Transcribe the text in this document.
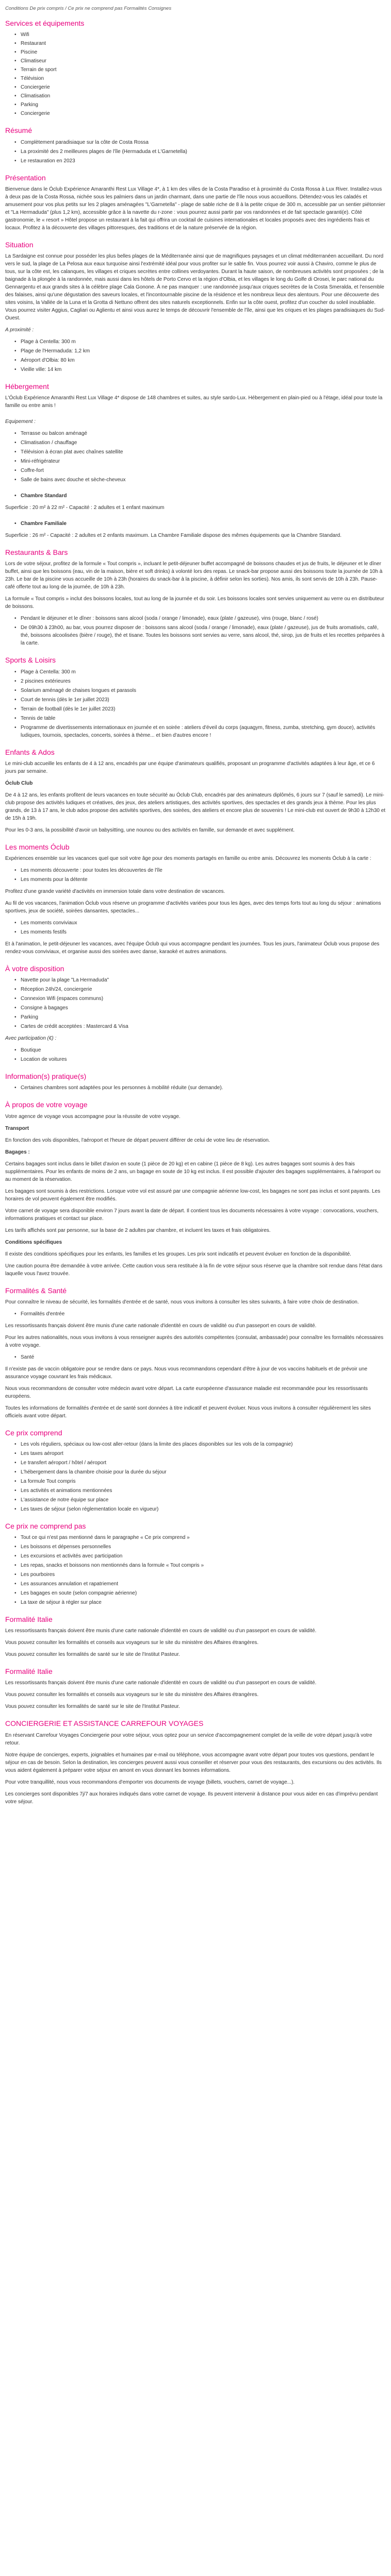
Conditions De prix compris / Ce prix ne comprend pas Formalités Consignes

Services et équipements
• Wifi
• Restaurant
• Piscine
• Climatiseur
• Terrain de sport
• Télévision
• Conciergerie
• Climatisation
• Parking
• Conciergerie
Résumé
• Complètement paradisiaque sur la côte de Costa Rossa
• La proximité des 2 meilleures plages de l'île (Hermaduda et L'Garnetella)
• Le restauration en 2023
Présentation

Bienvenue dans le Óclub Expérience Amaranthi Rest Lux Village 4*, à 1 km des villes de la Costa Paradiso et à proximité du Costa Rossa à Lux River. Installez-vous à deux pas de la Costa Rossa, nichée sous les palmiers dans un jardin charmant, dans une partie de l'île nous vous accueillons. Détendez-vous les caladés et amusement pour vos plus petits sur les 2 plages aménagées "L'Garnetella" - plage de sable riche de 8 à la petite crique de 300 m, accessible par un sentier piétonnier et "La Hermaduda" (plus 1,2 km), accessible grâce à la navette du r-zone : vous pourrez aussi partir par vos randonnées et de fait spectacle garanti(e). Côté gastronomie, le « resort » Hôtel propose un restaurant à la fait qui offrira un cocktail de cuisines internationales et locales proposés avec des ingrédients frais et locaux. Profitez à la découverte des villages pittoresques, des traditions et de la nature préservée de la région.

Situation

La Sardaigne est connue pour posséder les plus belles plages de la Méditerranée ainsi que de magnifiques paysages et un climat méditerranéen accueillant. Du nord vers le sud, la plage de La Pelosa aux eaux turquoise ainsi l'extrémité idéal pour vous profiter sur le sable fin. Vous pourrez voir aussi à Chaviro, comme le plus de tous, sur la côte est, les calanques, les villages et criques secrètes entre collines verdoyantes. Durant la haute saison, de nombreuses activités sont proposées ; de la baignade à la plongée à la randonnée, mais aussi dans les hôtels de Porto Cervo et la région d'Olbia, et les villages le long du Golfe di Orosei, le parc national du Gennargentu et aux grands sites à la célèbre plage Cala Gonone. À ne pas manquer : une randonnée jusqu'aux criques secrètes de la Costa Smeralda, et l'ensemble des falaises, ainsi qu'une dégustation des saveurs locales, et l'incontournable piscine de la résidence et les nombreux lieux des alentours. Pour une découverte des sites voisins, la Vallée de la Luna et la Grotta di Nettuno offrent des sites naturels exceptionnels. Enfin sur la côte ouest, profitez d'un coucher du soleil inoubliable. Vous pourrez visiter Aggius, Cagliari ou Aglientu et ainsi vous aurez le temps de découvrir l'ensemble de l'île, ainsi que les criques et les plages paradisiaques du Sud-Ouest.

A proximité :

• Plage à Centella: 300 m
• Plage de l'Hermaduda: 1,2 km
• Aéroport d'Olbia: 80 km
• Vieille ville: 14 km
Hébergement

L'Óclub Expérience Amaranthi Rest Lux Village 4* dispose de 148 chambres et suites, au style sardo-Lux. Hébergement en plain-pied ou à l'étage, idéal pour toute la famille ou entre amis !

Equipement :

• Terrasse ou balcon aménagé
• Climatisation / chauffage
• Télévision à écran plat avec chaînes satellite
• Mini-réfrigérateur
• Coffre-fort
• Salle de bains avec douche et sèche-cheveux
• Chambre Standard

Superficie : 20 m² à 22 m² - Capacité : 2 adultes et 1 enfant maximum

• Chambre Familiale

Superficie : 26 m² - Capacité : 2 adultes et 2 enfants maximum. La Chambre Familiale dispose des mêmes équipements que la Chambre Standard.

Restaurants & Bars

Lors de votre séjour, profitez de la formule « Tout compris », incluant le petit-déjeuner buffet accompagné de boissons chaudes et jus de fruits, le déjeuner et le dîner buffet, ainsi que les boissons (eau, vin de la maison, bière et soft drinks) à volonté lors des repas. Le snack-bar propose aussi des boissons toute la journée de 10h à 23h. Le bar de la piscine vous accueille de 10h à 23h (horaires du snack-bar à la piscine, à définir selon les sorties). Nos amis, ils sont servis de 10h à 23h. Pause-café offerte tout au long de la journée, de 10h à 23h.

La formule « Tout compris » inclut des boissons locales, tout au long de la journée et du soir. Les boissons locales sont servies uniquement au verre ou en distributeur de boissons.

• Pendant le déjeuner et le dîner : boissons sans alcool (soda / orange / limonade), eaux (plate / gazeuse), vins (rouge, blanc / rosé)
• De 09h30 à 23h00, au bar, vous pourrez disposer de : boissons sans alcool (soda / orange / limonade), eaux (plate / gazeuse), jus de fruits aromatisés, café, thé, boissons alcoolisées (bière / rouge), thé et tisane. Toutes les boissons sont servies au verre, sans alcool, thé, sirop, jus de fruits et les recettes préparées à la carte.
Sports & Loisirs
• Plage à Centella: 300 m
• 2 piscines extérieures
• Solarium aménagé de chaises longues et parasols
• Court de tennis (dès le 1er juillet 2023)
• Terrain de football (dès le 1er juillet 2023)
• Tennis de table
• Programme de divertissements internationaux en journée et en soirée : ateliers d'éveil du corps (aquagym, fitness, zumba, stretching, gym douce), activités ludiques, tournois, spectacles, concerts, soirées à thème... et bien d'autres encore !
Enfants & Ados

Le mini-club accueille les enfants de 4 à 12 ans, encadrés par une équipe d'animateurs qualifiés, proposant un programme d'activités adaptées à leur âge, et ce 6 jours par semaine.

Óclub Club

De 4 à 12 ans, les enfants profitent de leurs vacances en toute sécurité au Óclub Club, encadrés par des animateurs diplômés, 6 jours sur 7 (sauf le samedi). Le mini-club propose des activités ludiques et créatives, des jeux, des ateliers artistiques, des activités sportives, des spectacles et des grands jeux à thème. Pour les plus grands, de 13 à 17 ans, le club ados propose des activités sportives, des soirées, des ateliers et encore plus de souvenirs ! Le mini-club est ouvert de 9h30 à 12h30 et de 15h à 19h.

Pour les 0-3 ans, la possibilité d'avoir un babysitting, une nounou ou des activités en famille, sur demande et avec supplément.

Les moments Óclub

Expériences ensemble sur les vacances quel que soit votre âge pour des moments partagés en famille ou entre amis. Découvrez les moments Óclub à la carte :

• Les moments découverte : pour toutes les découvertes de l'île
• Les moments pour la détente

Profitez d'une grande variété d'activités en immersion totale dans votre destination de vacances.

Au fil de vos vacances, l'animation Óclub vous réserve un programme d'activités variées pour tous les âges, avec des temps forts tout au long du séjour : animations sportives, jeux de société, soirées dansantes, spectacles...

• Les moments conviviaux
• Les moments festifs

Et à l'animation, le petit-déjeuner les vacances, avec l'équipe Óclub qui vous accompagne pendant les journées. Tous les jours, l'animateur Óclub vous propose des rendez-vous conviviaux, et organise aussi des soirées avec danse, karaoké et autres animations.

À votre disposition
• Navette pour la plage "La Hermaduda"
• Réception 24h/24, conciergerie
• Connexion Wifi (espaces communs)
• Consigne à bagages
• Parking
• Cartes de crédit acceptées : Mastercard & Visa

Avec participation (€) :

• Boutique
• Location de voitures
Information(s) pratique(s)
• Certaines chambres sont adaptées pour les personnes à mobilité réduite (sur demande).
À propos de votre voyage

Votre agence de voyage vous accompagne pour la réussite de votre voyage.

Transport

En fonction des vols disponibles, l'aéroport et l'heure de départ peuvent différer de celui de votre lieu de réservation.

Bagages :

Certains bagages sont inclus dans le billet d'avion en soute (1 pièce de 20 kg) et en cabine (1 pièce de 8 kg). Les autres bagages sont soumis à des frais supplémentaires. Pour les enfants de moins de 2 ans, un bagage en soute de 10 kg est inclus. Il est possible d'ajouter des bagages supplémentaires, à l'aéroport ou au moment de la réservation.

Les bagages sont soumis à des restrictions. Lorsque votre vol est assuré par une compagnie aérienne low-cost, les bagages ne sont pas inclus et sont payants. Les horaires de vol peuvent également être modifiés.

Votre carnet de voyage sera disponible environ 7 jours avant la date de départ. Il contient tous les documents nécessaires à votre voyage : convocations, vouchers, informations pratiques et contact sur place.

Les tarifs affichés sont par personne, sur la base de 2 adultes par chambre, et incluent les taxes et frais obligatoires.

Conditions spécifiques

Il existe des conditions spécifiques pour les enfants, les familles et les groupes. Les prix sont indicatifs et peuvent évoluer en fonction de la disponibilité.

Une caution pourra être demandée à votre arrivée. Cette caution vous sera restituée à la fin de votre séjour sous réserve que la chambre soit rendue dans l'état dans laquelle vous l'avez trouvée.

Formalités & Santé

Pour connaître le niveau de sécurité, les formalités d'entrée et de santé, nous vous invitons à consulter les sites suivants, à faire votre choix de destination.

• Formalités d'entrée

Les ressortissants français doivent être munis d'une carte nationale d'identité en cours de validité ou d'un passeport en cours de validité.

Pour les autres nationalités, nous vous invitons à vous renseigner auprès des autorités compétentes (consulat, ambassade) pour connaître les formalités nécessaires à votre voyage.

• Santé

Il n'existe pas de vaccin obligatoire pour se rendre dans ce pays. Nous vous recommandons cependant d'être à jour de vos vaccins habituels et de prévoir une assurance voyage couvrant les frais médicaux.

Nous vous recommandons de consulter votre médecin avant votre départ. La carte européenne d'assurance maladie est recommandée pour les ressortissants européens.

Toutes les informations de formalités d'entrée et de santé sont données à titre indicatif et peuvent évoluer. Nous vous invitons à consulter régulièrement les sites officiels avant votre départ.

Ce prix comprend
• Les vols réguliers, spéciaux ou low-cost aller-retour (dans la limite des places disponibles sur les vols de la compagnie)
• Les taxes aéroport
• Le transfert aéroport / hôtel / aéroport
• L'hébergement dans la chambre choisie pour la durée du séjour
• La formule Tout compris
• Les activités et animations mentionnées
• L'assistance de notre équipe sur place
• Les taxes de séjour (selon réglementation locale en vigueur)
Ce prix ne comprend pas
• Tout ce qui n'est pas mentionné dans le paragraphe « Ce prix comprend »
• Les boissons et dépenses personnelles
• Les excursions et activités avec participation
• Les repas, snacks et boissons non mentionnés dans la formule « Tout compris »
• Les pourboires
• Les assurances annulation et rapatriement
• Les bagages en soute (selon compagnie aérienne)
• La taxe de séjour à régler sur place
Formalité Italie

Les ressortissants français doivent être munis d'une carte nationale d'identité en cours de validité ou d'un passeport en cours de validité.

Vous pouvez consulter les formalités et conseils aux voyageurs sur le site du ministère des Affaires étrangères.

Vous pouvez consulter les formalités de santé sur le site de l'Institut Pasteur.

Formalité Italie

Les ressortissants français doivent être munis d'une carte nationale d'identité en cours de validité ou d'un passeport en cours de validité.

Vous pouvez consulter les formalités et conseils aux voyageurs sur le site du ministère des Affaires étrangères.

Vous pouvez consulter les formalités de santé sur le site de l'Institut Pasteur.

CONCIERGERIE ET ASSISTANCE CARREFOUR VOYAGES

En réservant Carrefour Voyages Conciergerie pour votre séjour, vous optez pour un service d'accompagnement complet de la veille de votre départ jusqu'à votre retour.

Notre équipe de concierges, experts, joignables et humaines par e-mail ou téléphone, vous accompagne avant votre départ pour toutes vos questions, pendant le séjour en cas de besoin. Selon la destination, les concierges peuvent aussi vous conseiller et réserver pour vous des restaurants, des excursions ou des activités. Ils vous aident également à préparer votre séjour en amont en vous donnant les bonnes informations.

Pour votre tranquillité, nous vous recommandons d'emporter vos documents de voyage (billets, vouchers, carnet de voyage...).

Les concierges sont disponibles 7j/7 aux horaires indiqués dans votre carnet de voyage. Ils peuvent intervenir à distance pour vous aider en cas d'imprévu pendant votre séjour.
